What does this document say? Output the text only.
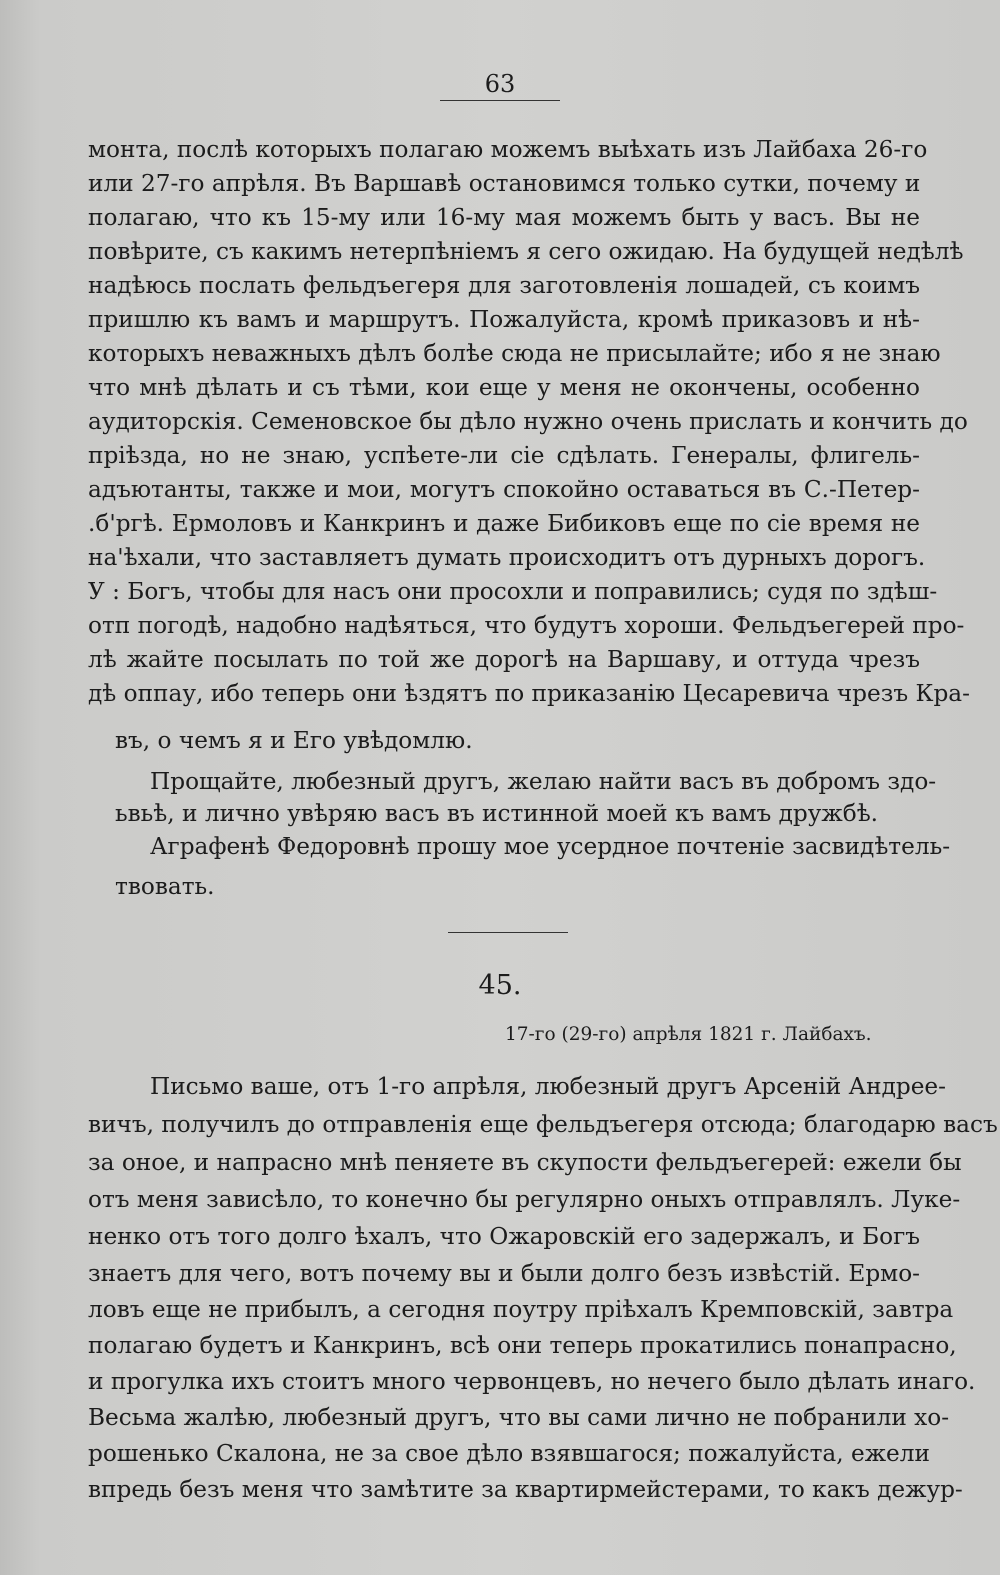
63
монта, послѣ которыхъ полагаю можемъ выѣхать изъ Лайбаха 26-го
или 27-го апрѣля. Въ Варшавѣ остановимся только сутки, почему и
полагаю, что къ 15-му или 16-му мая можемъ быть у васъ. Вы не
повѣрите, съ какимъ нетерпѣніемъ я сего ожидаю. На будущей недѣлѣ
надѣюсь послать фельдъегеря для заготовленія лошадей, съ коимъ
пришлю къ вамъ и маршрутъ. Пожалуйста, кромѣ приказовъ и нѣ-
которыхъ неважныхъ дѣлъ болѣе сюда не присылайте; ибо я не знаю
что мнѣ дѣлать и съ тѣми, кои еще у меня не окончены, особенно
аудиторскія. Семеновское бы дѣло нужно очень прислать и кончить до
пріѣзда, но не знаю, успѣете-ли сіе сдѣлать. Генералы, флигель-
адъютанты, также и мои, могутъ спокойно оставаться въ С.-Петер-
.б'ргѣ. Ермоловъ и Канкринъ и даже Бибиковъ еще по сіе время не
на'ѣхали, что заставляетъ думать происходитъ отъ дурныхъ дорогъ.
У : Богъ, чтобы для насъ они просохли и поправились; судя по здѣш-
отп погодѣ, надобно надѣяться, что будутъ хороши. Фельдъегерей про-
лѣ жайте посылать по той же дорогѣ на Варшаву, и оттуда чрезъ
дѣ оппау, ибо теперь они ѣздятъ по приказанію Цесаревича чрезъ Кра-
въ, о чемъ я и Его увѣдомлю.
Прощайте, любезный другъ, желаю найти васъ въ добромъ здо-
ьвьѣ, и лично увѣряю васъ въ истинной моей къ вамъ дружбѣ.
Аграфенѣ Федоровнѣ прошу мое усердное почтеніе засвидѣтель-
твовать.
45.
17-го (29-го) апрѣля 1821 г. Лайбахъ.
Письмо ваше, отъ 1-го апрѣля, любезный другъ Арсеній Андрее-
вичъ, получилъ до отправленія еще фельдъегеря отсюда; благодарю васъ
за оное, и напрасно мнѣ пеняете въ скупости фельдъегерей: ежели бы
отъ меня зависѣло, то конечно бы регулярно оныхъ отправлялъ. Луке-
ненко отъ того долго ѣхалъ, что Ожаровскій его задержалъ, и Богъ
знаетъ для чего, вотъ почему вы и были долго безъ извѣстій. Ермо-
ловъ еще не прибылъ, а сегодня поутру пріѣхалъ Кремповскій, завтра
полагаю будетъ и Канкринъ, всѣ они теперь прокатились понапрасно,
и прогулка ихъ стоитъ много червонцевъ, но нечего было дѣлать инаго.
Весьма жалѣю, любезный другъ, что вы сами лично не побранили хо-
рошенько Скалона, не за свое дѣло взявшагося; пожалуйста, ежели
впредь безъ меня что замѣтите за квартирмейстерами, то какъ дежур-
